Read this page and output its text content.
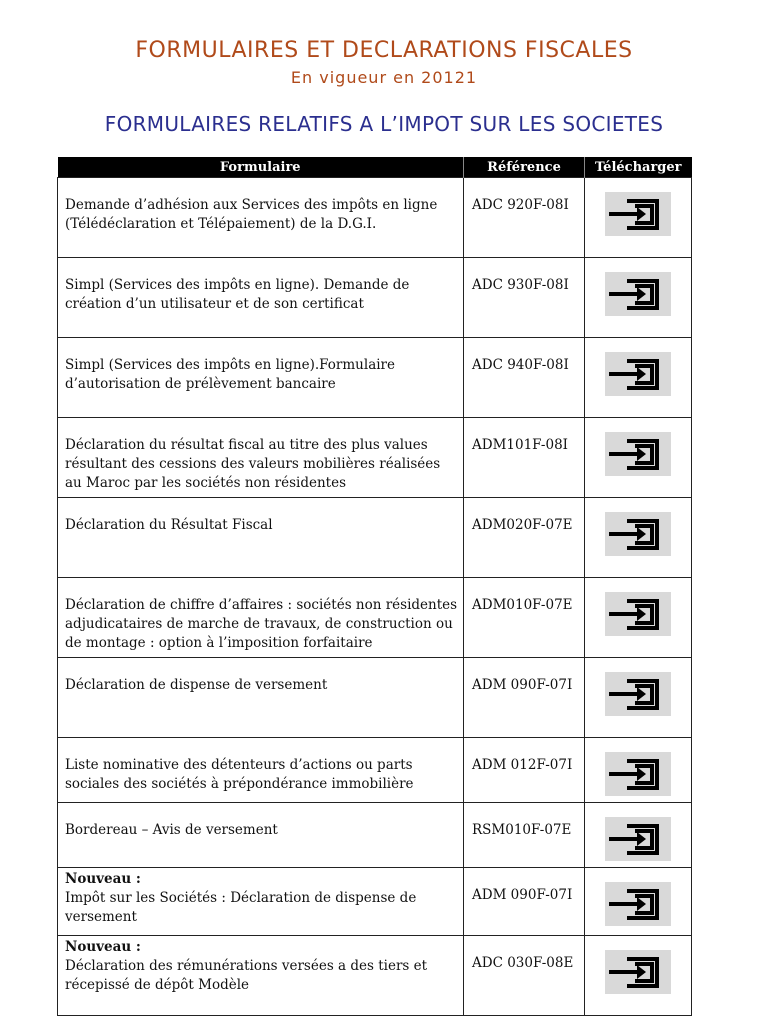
FORMULAIRES ET DECLARATIONS FISCALES
En vigueur en 20121
FORMULAIRES RELATIFS A L’IMPOT SUR LES SOCIETES
Formulaire	Référence	Télécharger
Demande d’adhésion aux Services des impôts en ligne (Télédéclaration et Télépaiement) de la D.G.I.	ADC 920F-08I	

Simpl (Services des impôts en ligne). Demande de création d’un utilisateur et de son certificat	ADC 930F-08I	

Simpl (Services des impôts en ligne).Formulaire d’autorisation de prélèvement bancaire	ADC 940F-08I	

Déclaration du résultat fiscal au titre des plus values résultant des cessions des valeurs mobilières réalisées au Maroc par les sociétés non résidentes	ADM101F-08I	

Déclaration du Résultat Fiscal	ADM020F-07E	

Déclaration de chiffre d’affaires : sociétés non résidentes adjudicataires de marche de travaux, de construction ou de montage : option à l’imposition forfaitaire	ADM010F-07E	

Déclaration de dispense de versement	ADM 090F-07I	

Liste nominative des détenteurs d’actions ou parts sociales des sociétés à prépondérance immobilière	ADM 012F-07I	

Bordereau – Avis de versement	RSM010F-07E	

Nouveau :
Impôt sur les Sociétés : Déclaration de dispense de versement	ADM 090F-07I	

Nouveau :
Déclaration des rémunérations versées a des tiers et récepissé de dépôt Modèle	ADC 030F-08E	
